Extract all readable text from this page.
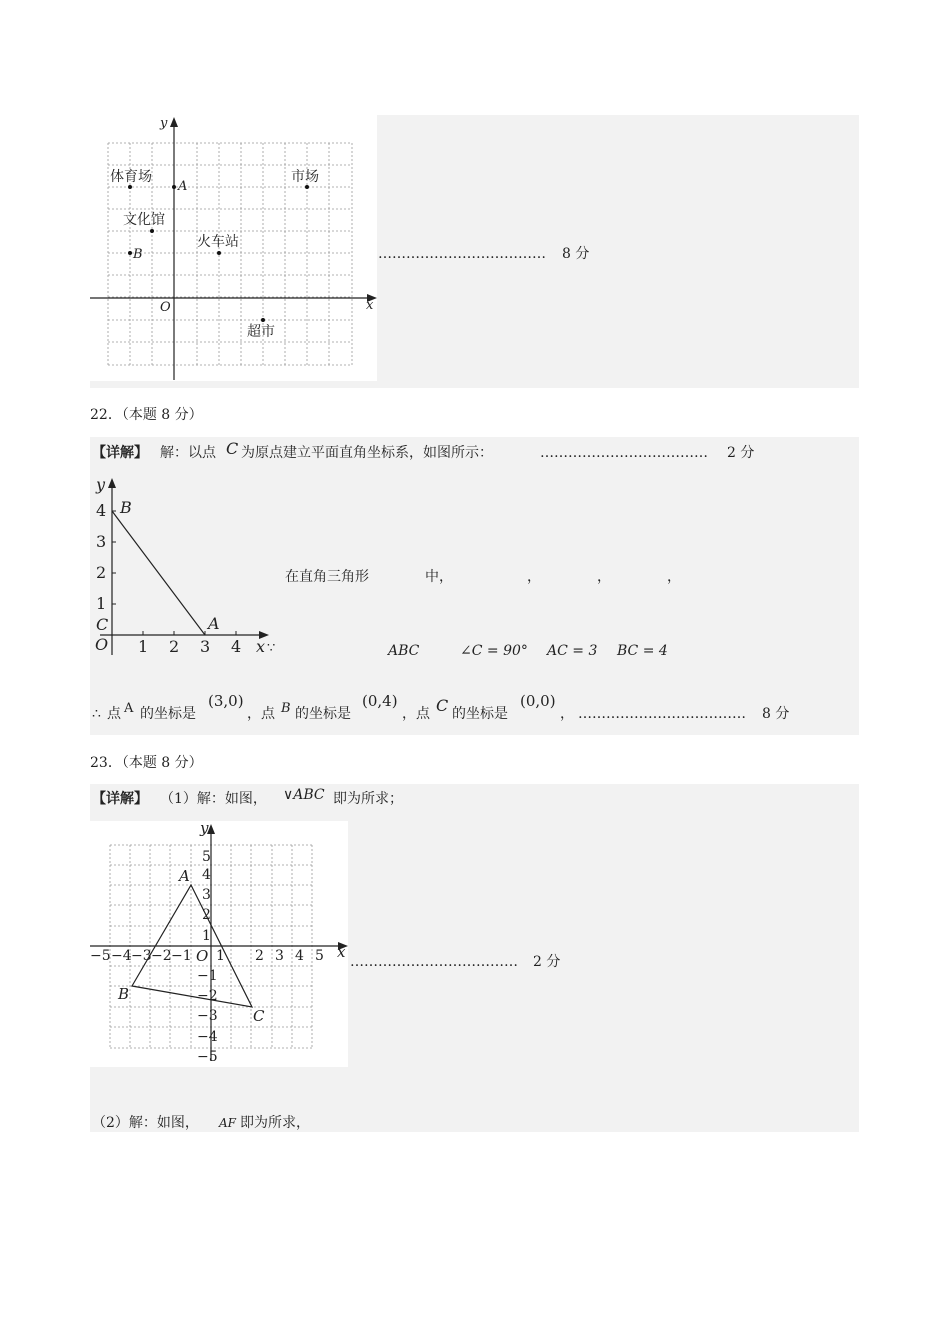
y
x
O
体育场
A
市场
文化馆
B
火车站
超市
……………………………… 8 分
22．（本题 8 分）
【详解】 解：以点 C 为原点建立平面直角坐标系，如图所示：	……………………………… 2 分
y
4 B
3
2
1
C	A
O 1 2 3 4 x ∵
在直角三角形	中，	，	，	，
ABC	∠C = 90° AC = 3 BC = 4
∴ 点 A 的坐标是
(3,0)
，点 B 的坐标是
(0,4)
，点 C 的坐标是
(0,0)
， ……………………………… 8 分
23．（本题 8 分）
【详解】 （1）解：如图， ∨ABC 即为所求；
y
5
A 4
3
2
1
−5 −4 −3 −2 −1 O 1 2 3 4 5 x
−1
B	−2
−3 C
−4
−5
……………………………… 2 分
（2）解：如图， AF 即为所求，
